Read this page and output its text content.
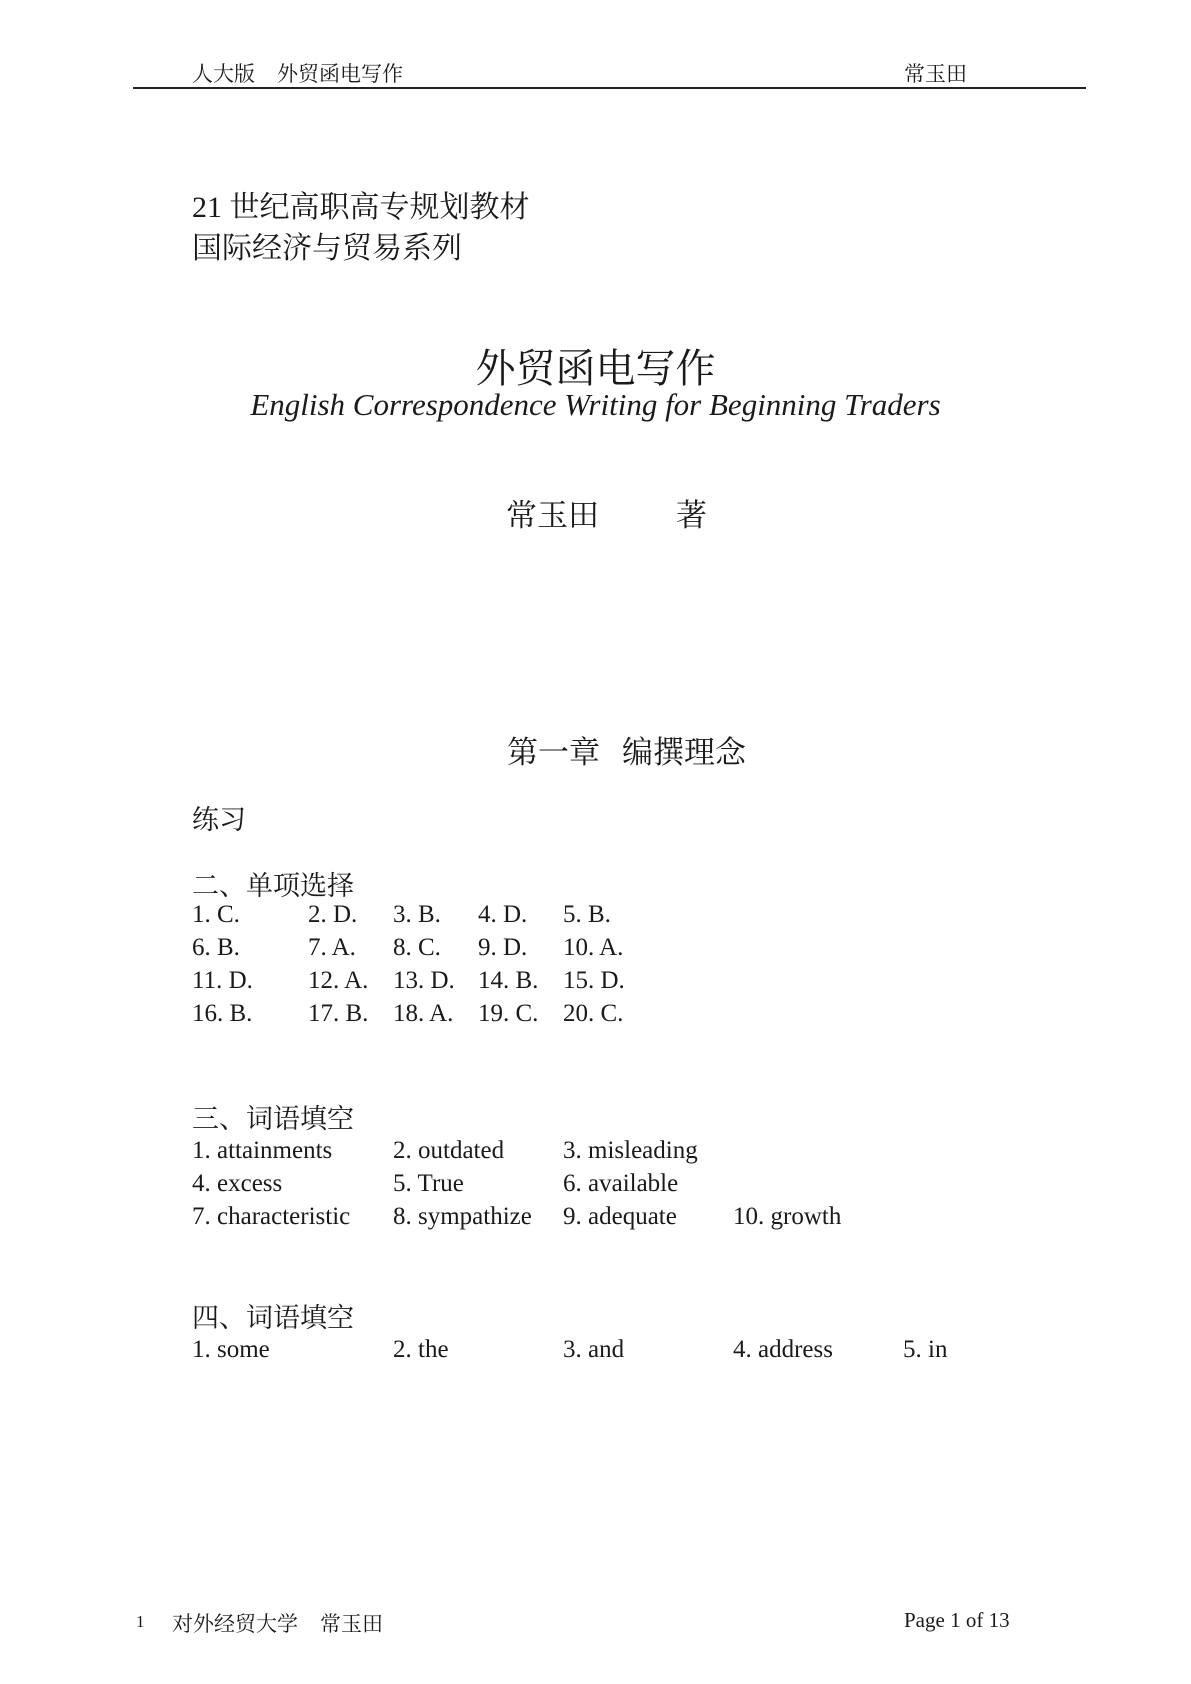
人大版 外贸函电写作	常玉田
21 世纪高职高专规划教材
国际经济与贸易系列
外贸函电写作
English Correspondence Writing for Beginning Traders
常玉田 著
第一章 编撰理念
练习
二、单项选择
1. C.	2. D.	3. B.	4. D.	5. B.
6. B.	7. A.	8. C.	9. D.	10. A.
11. D.	12. A. 13. D. 14. B. 15. D.
16. B.	17. B. 18. A. 19. C. 20. C.
三、词语填空
1. attainments	2. outdated	3. misleading
4. excess	5. True	6. available
7. characteristic	8. sympathize	9. adequate	10. growth
四、词语填空
1. some	2. the	3. and	4. address	5. in
1 对外经贸大学 常玉田	Page 1 of 13
